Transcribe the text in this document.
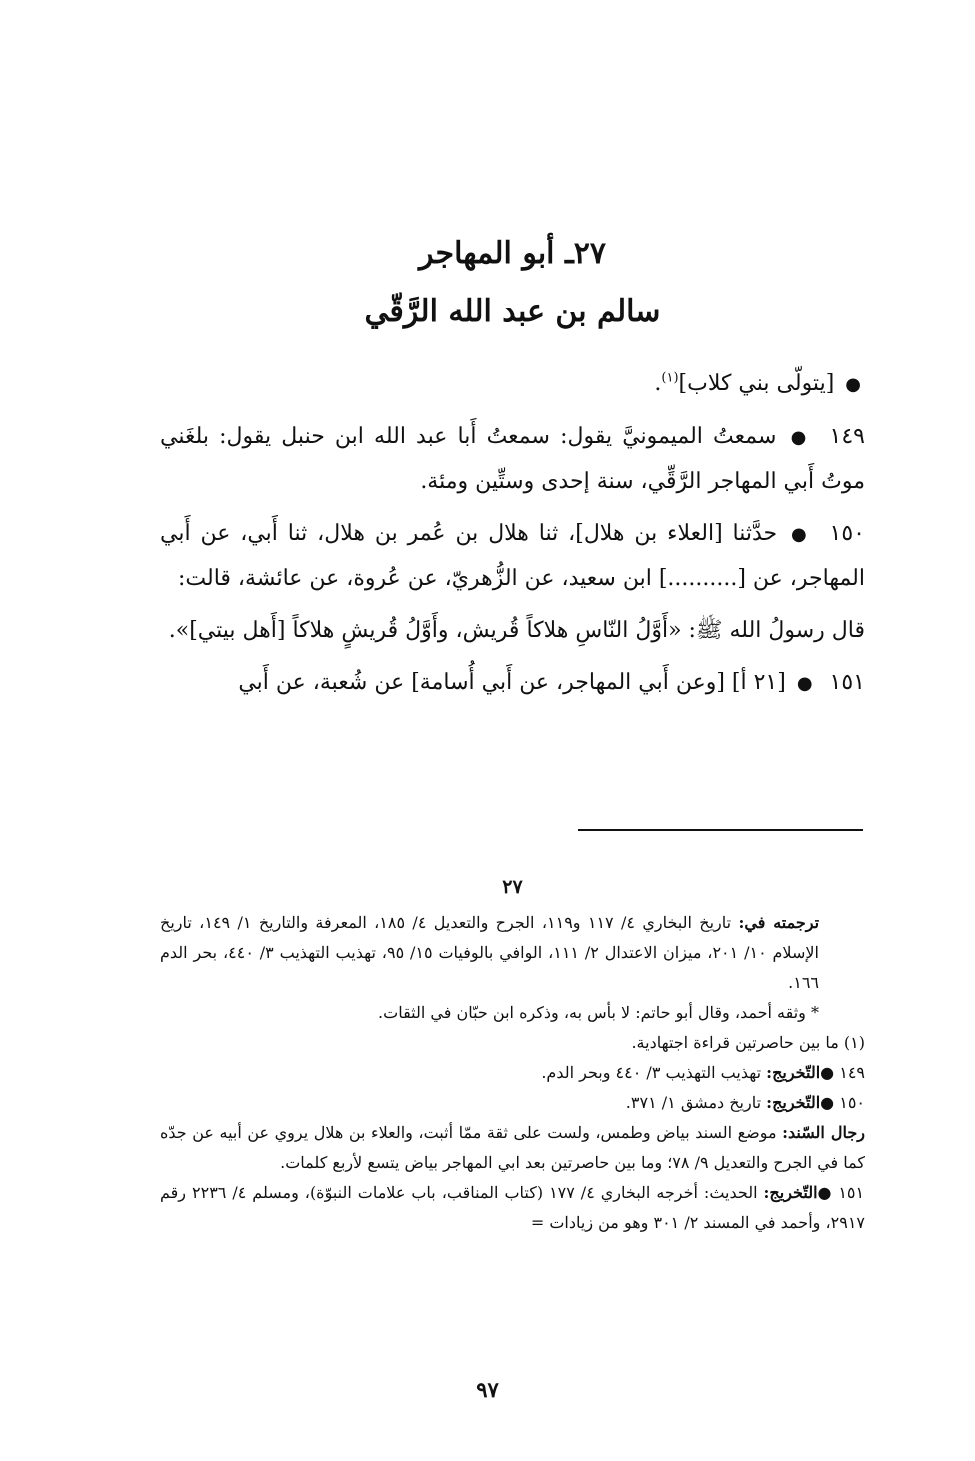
٢٧ـ أبو المهاجر
سالم بن عبد الله الرَّقّي

● [يتولّى بني كلاب]$^{(١)}$.

١٤٩ ● سمعتُ الميمونيَّ يقول: سمعتُ أَبا عبد الله ابن حنبل يقول: بلغَني موتُ أَبي المهاجر الرَّقِّي، سنة إحدى وستِّين ومئة.

١٥٠ ● حدَّثنا [العلاء بن هلال]، ثنا هلال بن عُمر بن هلال، ثنا أَبي، عن أَبي المهاجر، عن [..........] ابن سعيد، عن الزُّهريّ، عن عُروة، عن عائشة، قالت:

قال رسولُ الله ﷺ: «أَوَّلُ النّاسِ هلاكاً قُريش، وأَوَّلُ قُريشٍ هلاكاً [أَهل بيتي]».

١٥١ ● [٢١ أ] [وعن أَبي المهاجر، عن أَبي أُسامة] عن شُعبة، عن أَبي

٢٧

ترجمته في: تاريخ البخاري ٤/ ١١٧ و١١٩، الجرح والتعديل ٤/ ١٨٥، المعرفة والتاريخ ١/ ١٤٩، تاريخ الإسلام ١٠/ ٢٠١، ميزان الاعتدال ٢/ ١١١، الوافي بالوفيات ١٥/ ٩٥، تهذيب التهذيب ٣/ ٤٤٠، بحر الدم ١٦٦.

* وثقه أحمد، وقال أبو حاتم: لا بأس به، وذكره ابن حبّان في الثقات.

(١) ما بين حاصرتين قراءة اجتهادية.

١٤٩ ●التّخريج: تهذيب التهذيب ٣/ ٤٤٠ وبحر الدم.

١٥٠ ●التّخريج: تاريخ دمشق ١/ ٣٧١.

رجال السّند: موضع السند بياض وطمس، ولست على ثقة ممّا أثبت، والعلاء بن هلال يروي عن أبيه عن جدّه كما في الجرح والتعديل ٩/ ٧٨؛ وما بين حاصرتين بعد ابي المهاجر بياض يتسع لأربع كلمات.

١٥١ ●التّخريج: الحديث: أخرجه البخاري ٤/ ١٧٧ (كتاب المناقب، باب علامات النبوّة)، ومسلم ٤/ ٢٢٣٦ رقم ٢٩١٧، وأحمد في المسند ٢/ ٣٠١ وهو من زيادات =

٩٧
